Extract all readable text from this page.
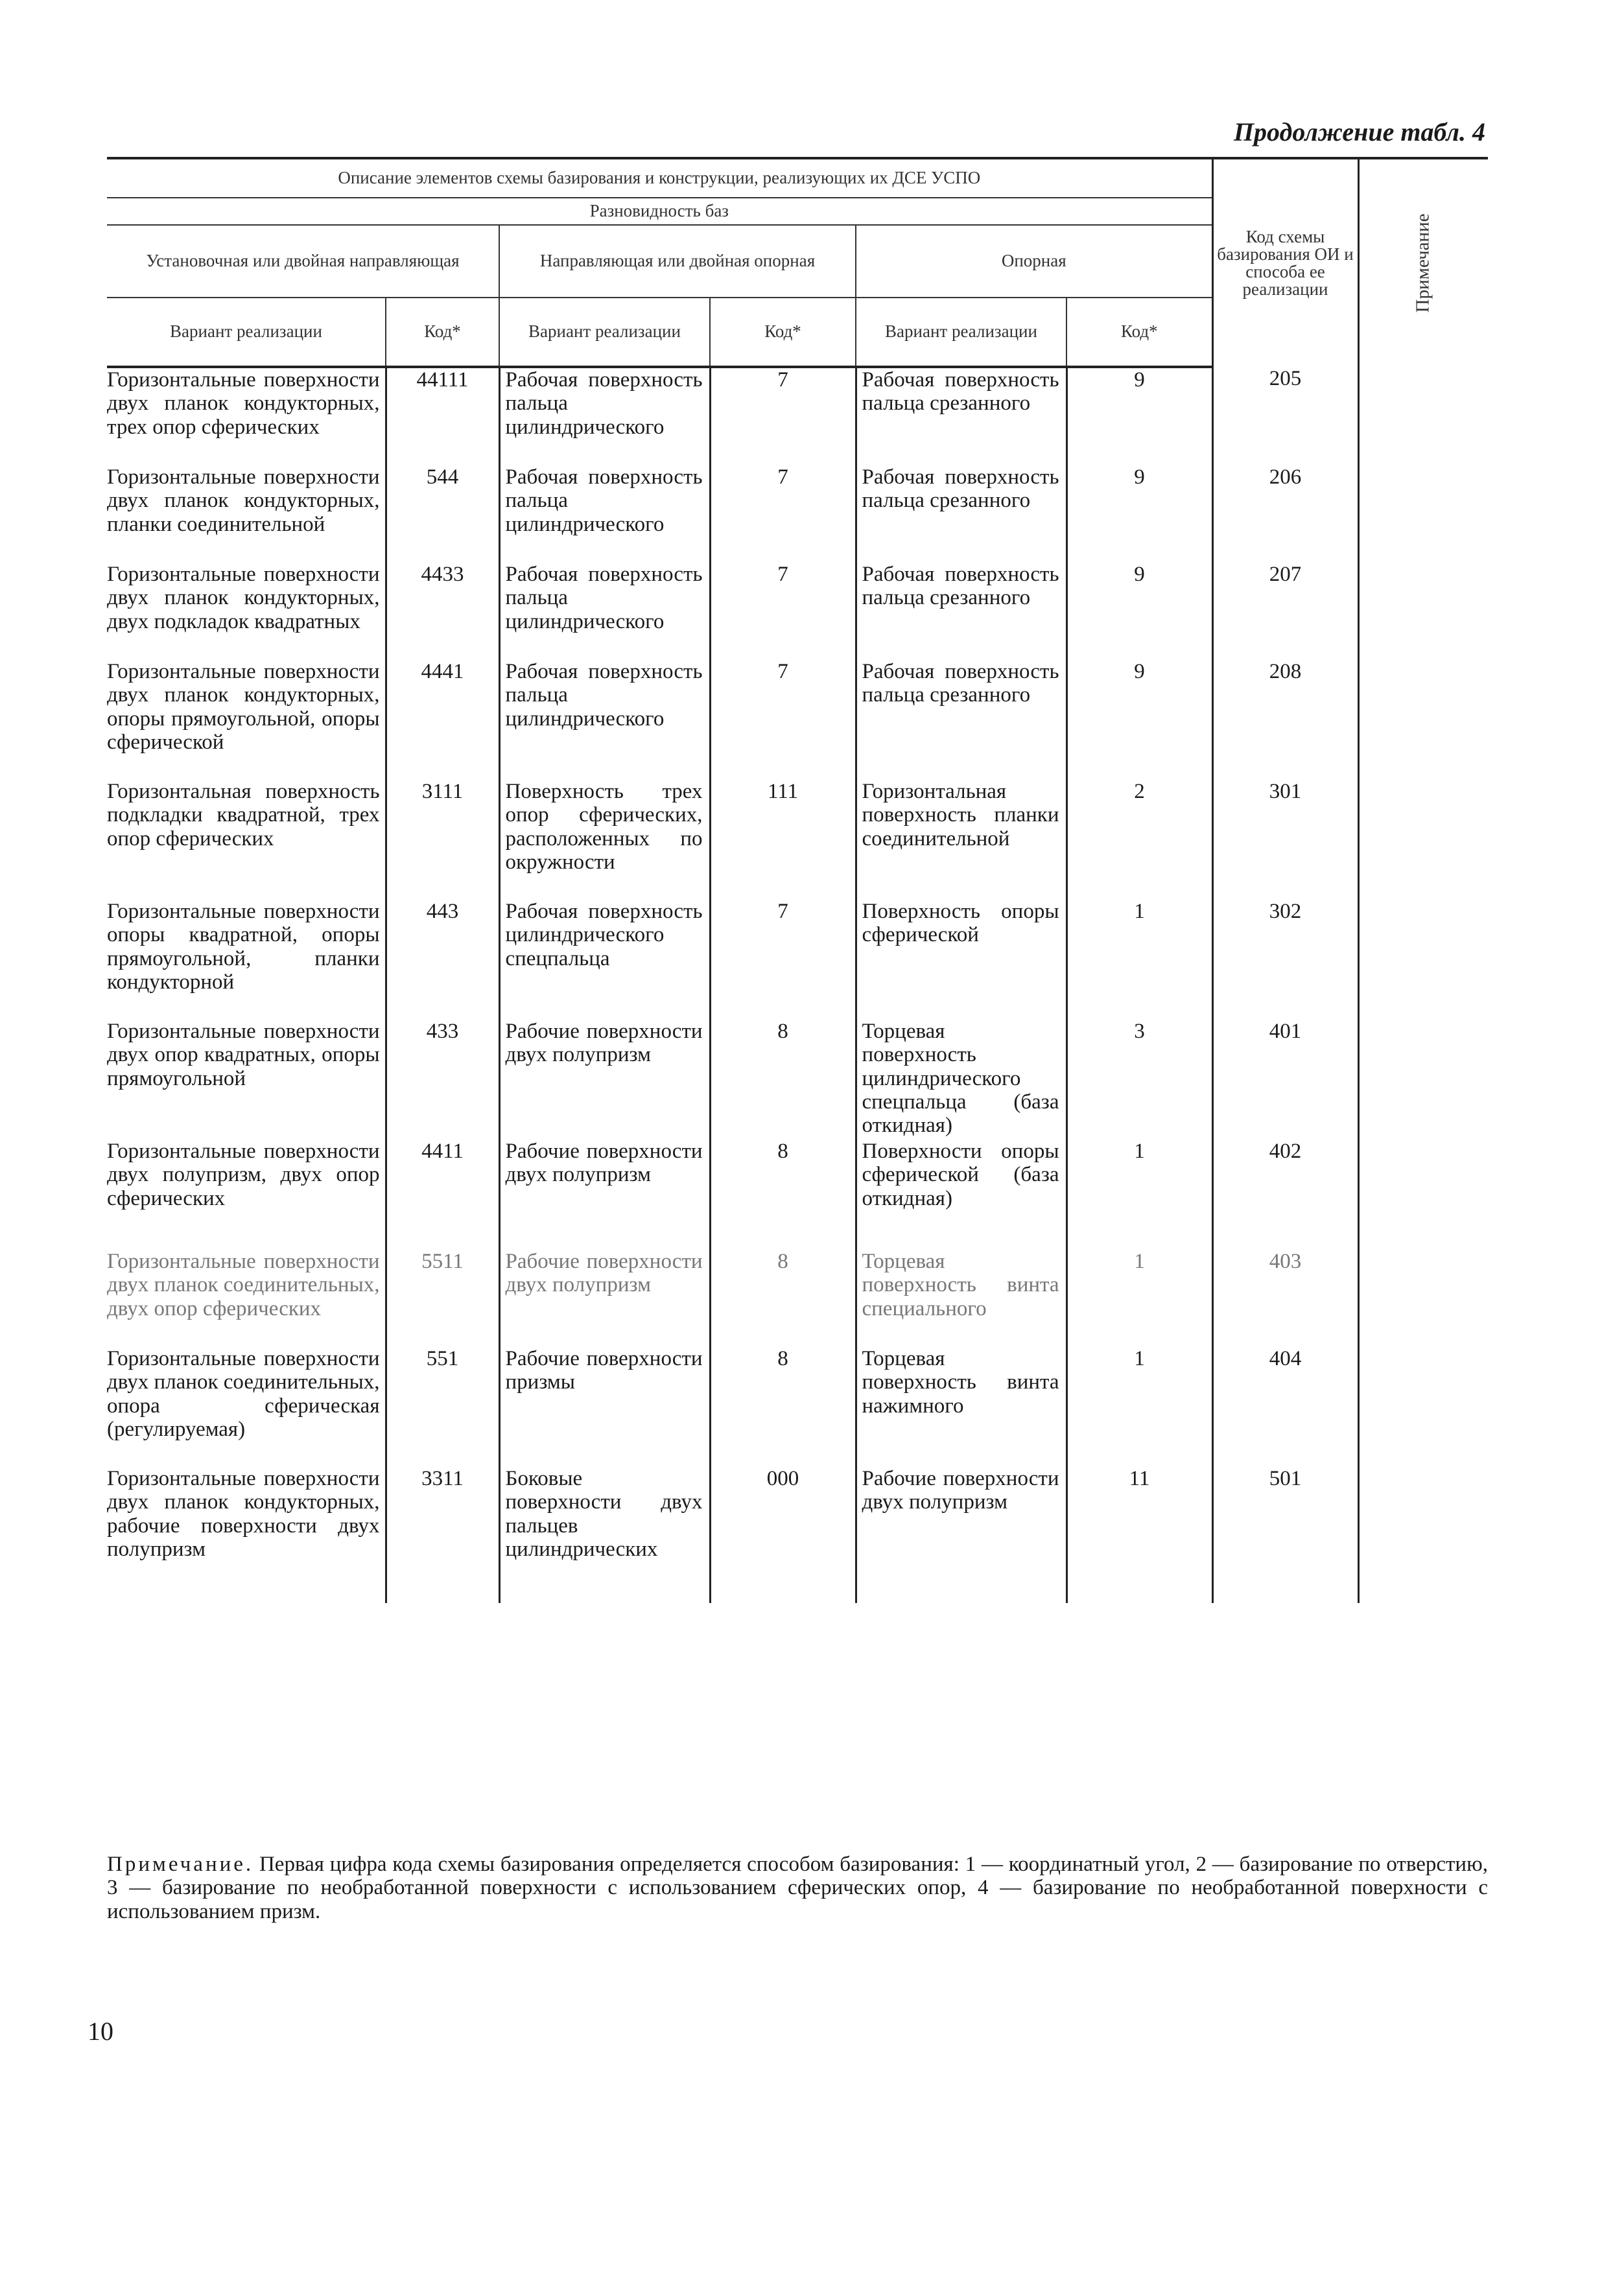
Продолжение табл. 4
Описание элементов схемы базирования и конструкции, реализующих их ДСЕ УСПО						Код схемы базирования ОИ и способа ее реализации	Примечание
Разновидность баз							
Установочная или двойная направляющая		Направляющая или двойная опорная		Опорная			
Вариант реализации	Код*	Вариант реализации	Код*	Вариант реализации	Код*		
Горизонтальные поверхности двух планок кондукторных, трех опор сферических	44111	Рабочая поверхность пальца цилиндрического	7	Рабочая поверхность пальца срезанного	9	205	
Горизонтальные поверхности двух планок кондукторных, планки соединительной	544	Рабочая поверхность пальца цилиндрического	7	Рабочая поверхность пальца срезанного	9	206	
Горизонтальные поверхности двух планок кондукторных, двух подкладок квадратных	4433	Рабочая поверхность пальца цилиндрического	7	Рабочая поверхность пальца срезанного	9	207	
Горизонтальные поверхности двух планок кондукторных, опоры прямоугольной, опоры сферической	4441	Рабочая поверхность пальца цилиндрического	7	Рабочая поверхность пальца срезанного	9	208	
Горизонтальная поверхность подкладки квадратной, трех опор сферических	3111	Поверхность трех опор сферических, расположенных по окружности	111	Горизонтальная поверхность планки соединительной	2	301	
Горизонтальные поверхности опоры квадратной, опоры прямоугольной, планки кондукторной	443	Рабочая поверхность цилиндрического спецпальца	7	Поверхность опоры сферической	1	302	
Горизонтальные поверхности двух опор квадратных, опоры прямоугольной	433	Рабочие поверхности двух полупризм	8	Торцевая поверхность цилиндрического спецпальца (база откидная)	3	401	
Горизонтальные поверхности двух полупризм, двух опор сферических	4411	Рабочие поверхности двух полупризм	8	Поверхности опоры сферической (база откидная)	1	402	
Горизонтальные поверхности двух планок соединительных, двух опор сферических	5511	Рабочие поверхности двух полупризм	8	Торцевая поверхность винта специального	1	403	
Горизонтальные поверхности двух планок соединительных, опора сферическая (регулируемая)	551	Рабочие поверхности призмы	8	Торцевая поверхность винта нажимного	1	404	
Горизонтальные поверхности двух планок кондукторных, рабочие поверхности двух полупризм	3311	Боковые поверхности двух пальцев цилиндрических	000	Рабочие поверхности двух полупризм	11	501	
Примечание. Первая цифра кода схемы базирования определяется способом базирования: 1 — координатный угол, 2 — базирование по отверстию, 3 — базирование по необработанной поверхности с использованием сферических опор, 4 — базирование по необработанной поверхности с использованием призм.
10
